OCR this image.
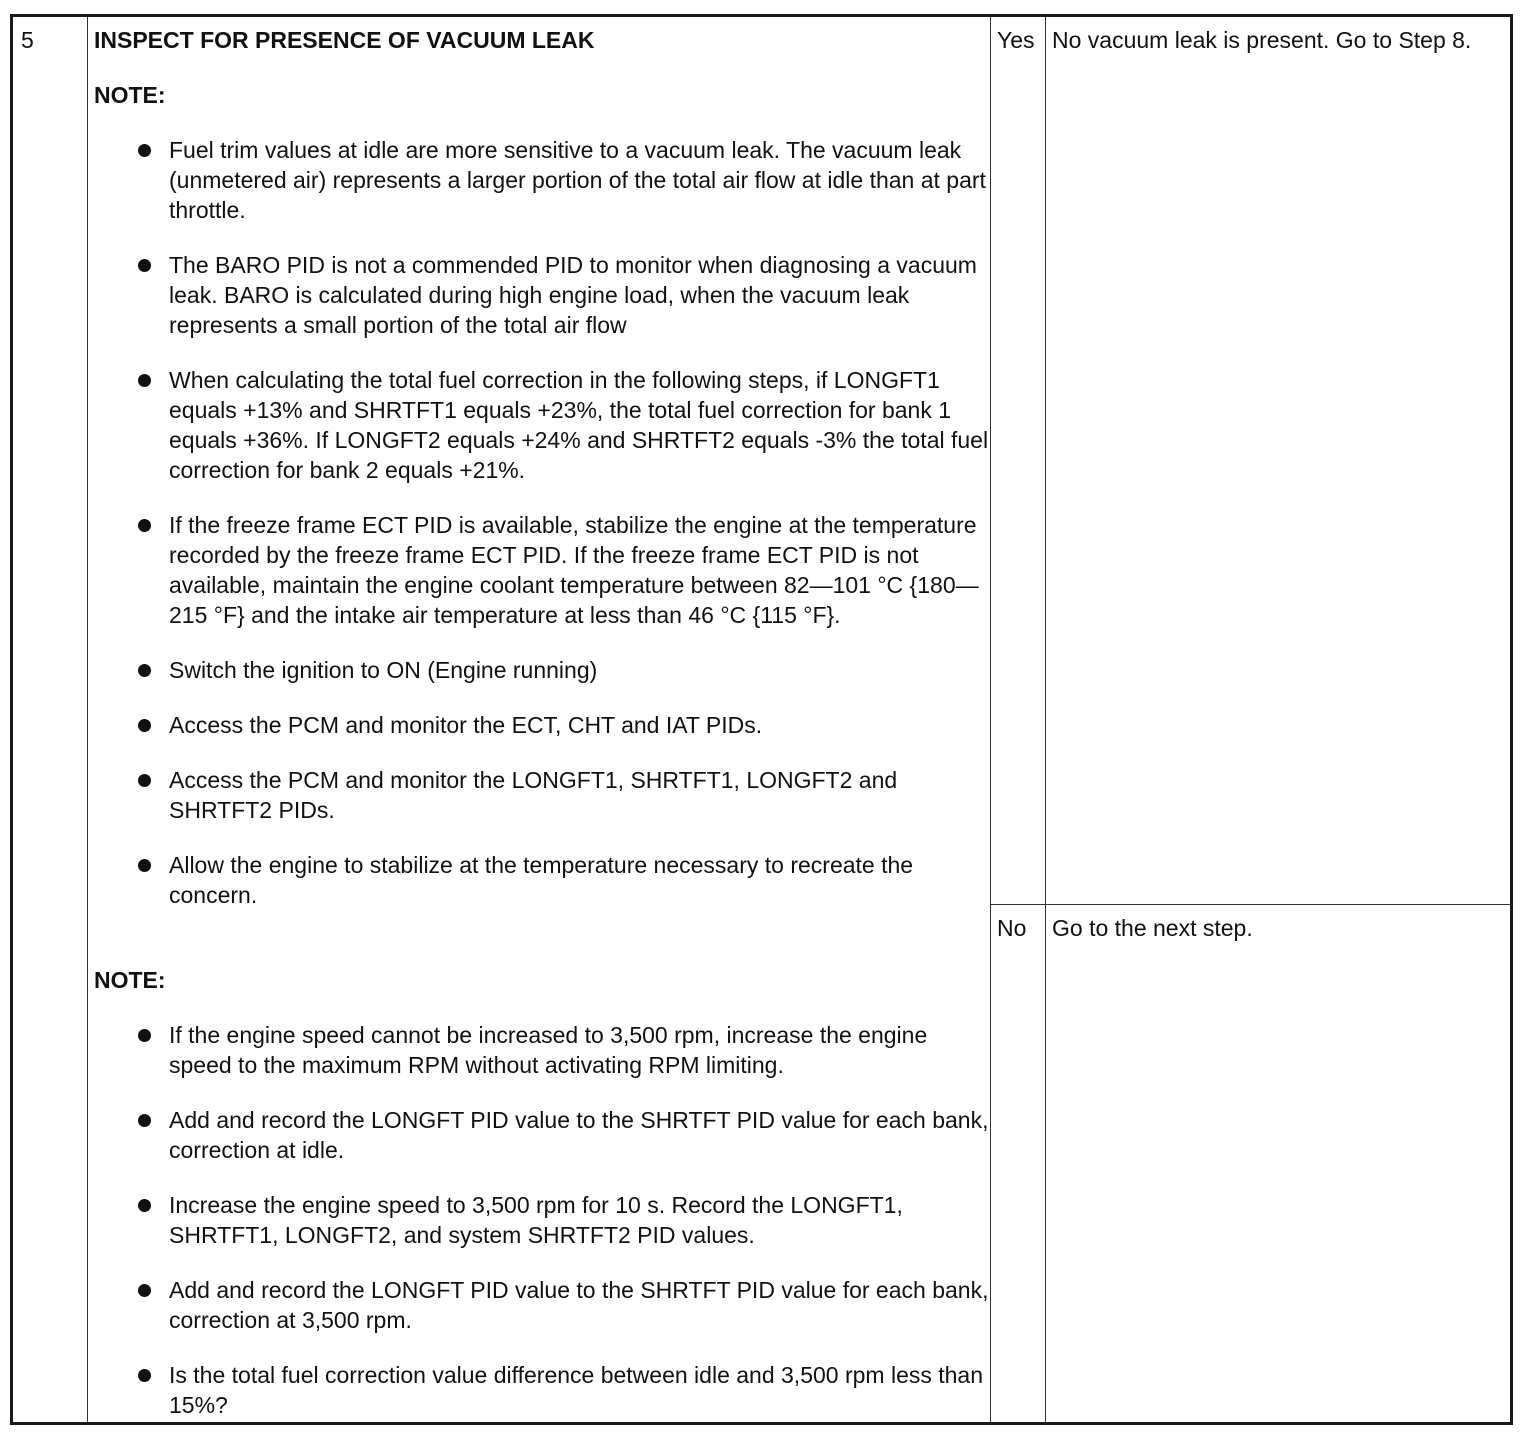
5	INSPECT FOR PRESENCE OF VACUUM LEAK
NOTE:
Fuel trim values at idle are more sensitive to a vacuum leak. The vacuum leak (unmetered air) represents a larger portion of the total air flow at idle than at part throttle.
The BARO PID is not a commended PID to monitor when diagnosing a vacuum leak. BARO is calculated during high engine load, when the vacuum leak represents a small portion of the total air flow
When calculating the total fuel correction in the following steps, if LONGFT1 equals +13% and SHRTFT1 equals +23%, the total fuel correction for bank 1 equals +36%. If LONGFT2 equals +24% and SHRTFT2 equals -3% the total fuel correction for bank 2 equals +21%.
If the freeze frame ECT PID is available, stabilize the engine at the temperature recorded by the freeze frame ECT PID. If the freeze frame ECT PID is not available, maintain the engine coolant temperature between 82—101 °C {180—215 °F} and the intake air temperature at less than 46 °C {115 °F}.
Switch the ignition to ON (Engine running)
Access the PCM and monitor the ECT, CHT and IAT PIDs.
Access the PCM and monitor the LONGFT1, SHRTFT1, LONGFT2 and SHRTFT2 PIDs.
Allow the engine to stabilize at the temperature necessary to recreate the concern.
NOTE:
If the engine speed cannot be increased to 3,500 rpm, increase the engine speed to the maximum RPM without activating RPM limiting.
Add and record the LONGFT PID value to the SHRTFT PID value for each bank, correction at idle.
Increase the engine speed to 3,500 rpm for 10 s. Record the LONGFT1, SHRTFT1, LONGFT2, and system SHRTFT2 PID values.
Add and record the LONGFT PID value to the SHRTFT PID value for each bank, correction at 3,500 rpm.
Is the total fuel correction value difference between idle and 3,500 rpm less than 15%?
Yes No vacuum leak is present. Go to Step 8.
No Go to the next step.
